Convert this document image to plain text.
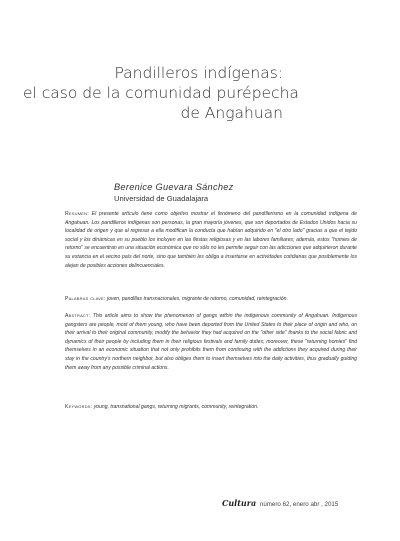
Pandilleros indígenas:
el caso de la comunidad purépecha
de Angahuan
Berenice Guevara Sánchez
Universidad de Guadalajara
Resumen: El presente artículo tiene como objetivo mostrar el fenómeno del pandillerismo en la comunidad indígena de Angahuan. Los pandilleros indígenas son personas, la gran mayoría jóvenes, que son deportados de Estados Unidos hacia su localidad de origen y que al regresar a ella modifican la conducta que habían adquirido en "el otro lado" gracias a que el tejido social y los dinámicas en su pueblo los incluyen en las fiestas religiosas y en las labores familiares; además, estos "homies de retorno" se encuentran en una situación económica que no sólo no les permite seguir con las adicciones que adquirieron durante su estancia en el vecino país del norte, sino que también les obliga a insertarse en actividades cotidianas que posiblemente los alejan de posibles acciones delincuenciales.
Palabras clave: joven, pandillas transnacionales, migrante de retorno, comunidad, reintegración.
Abstract: This article aims to show the phenomenon of gangs within the indigenous community of Angahuan. Indigenous gangsters are people, most of them young, who have been deported from the United States to their place of origin and who, on their arrival to their original community, modify the behavior they had acquired on the "other side" thanks to the social fabric and dynamics of their people by including them in their religious festivals and family duties; moreover, these "returning homies" find themselves in an economic situation that not only prohibits them from continuing with the addictions they acquired during their stay in the country's northern neighbor, but also obliges them to insert themselves into the daily activities, thus gradually guiding them away from any possible criminal actions.
Keywords: young, transnational gangs, returning migrants, community, reintegration.
Cultura número 62, enero abr , 2015
